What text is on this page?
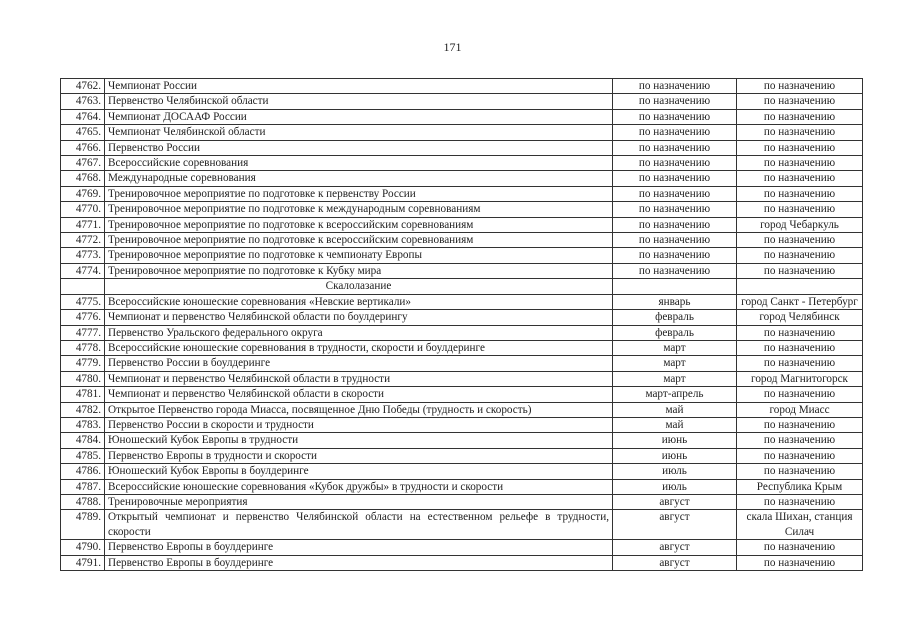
171
4762.	Чемпионат России	по назначению	по назначению
4763.	Первенство Челябинской области	по назначению	по назначению
4764.	Чемпионат ДОСААФ России	по назначению	по назначению
4765.	Чемпионат Челябинской области	по назначению	по назначению
4766.	Первенство России	по назначению	по назначению
4767.	Всероссийские соревнования	по назначению	по назначению
4768.	Международные соревнования	по назначению	по назначению
4769.	Тренировочное мероприятие по подготовке к первенству России	по назначению	по назначению
4770.	Тренировочное мероприятие по подготовке к международным соревнованиям	по назначению	по назначению
4771.	Тренировочное мероприятие по подготовке к всероссийским соревнованиям	по назначению	город Чебаркуль
4772.	Тренировочное мероприятие по подготовке к всероссийским соревнованиям	по назначению	по назначению
4773.	Тренировочное мероприятие по подготовке к чемпионату Европы	по назначению	по назначению
4774.	Тренировочное мероприятие по подготовке к Кубку мира	по назначению	по назначению
	Скалолазание		
4775.	Всероссийские юношеские соревнования «Невские вертикали»	январь	город Санкт - Петербург
4776.	Чемпионат и первенство Челябинской области по боулдерингу	февраль	город Челябинск
4777.	Первенство Уральского федерального округа	февраль	по назначению
4778.	Всероссийские юношеские соревнования в трудности, скорости и боулдеринге	март	по назначению
4779.	Первенство России в боулдеринге	март	по назначению
4780.	Чемпионат и первенство Челябинской области в трудности	март	город Магнитогорск
4781.	Чемпионат и первенство Челябинской области в скорости	март-апрель	по назначению
4782.	Открытое Первенство города Миасса, посвященное Дню Победы (трудность и скорость)	май	город Миасс
4783.	Первенство России в скорости и трудности	май	по назначению
4784.	Юношеский Кубок Европы в трудности	июнь	по назначению
4785.	Первенство Европы в трудности и скорости	июнь	по назначению
4786.	Юношеский Кубок Европы в боулдеринге	июль	по назначению
4787.	Всероссийские юношеские соревнования «Кубок дружбы» в трудности и скорости	июль	Республика Крым
4788.	Тренировочные мероприятия	август	по назначению
4789.	Открытый чемпионат и первенство Челябинской области на естественном рельефе в трудности, скорости	август	скала Шихан, станция Силач
4790.	Первенство Европы в боулдеринге	август	по назначению
4791.	Первенство Европы в боулдеринге	август	по назначению
